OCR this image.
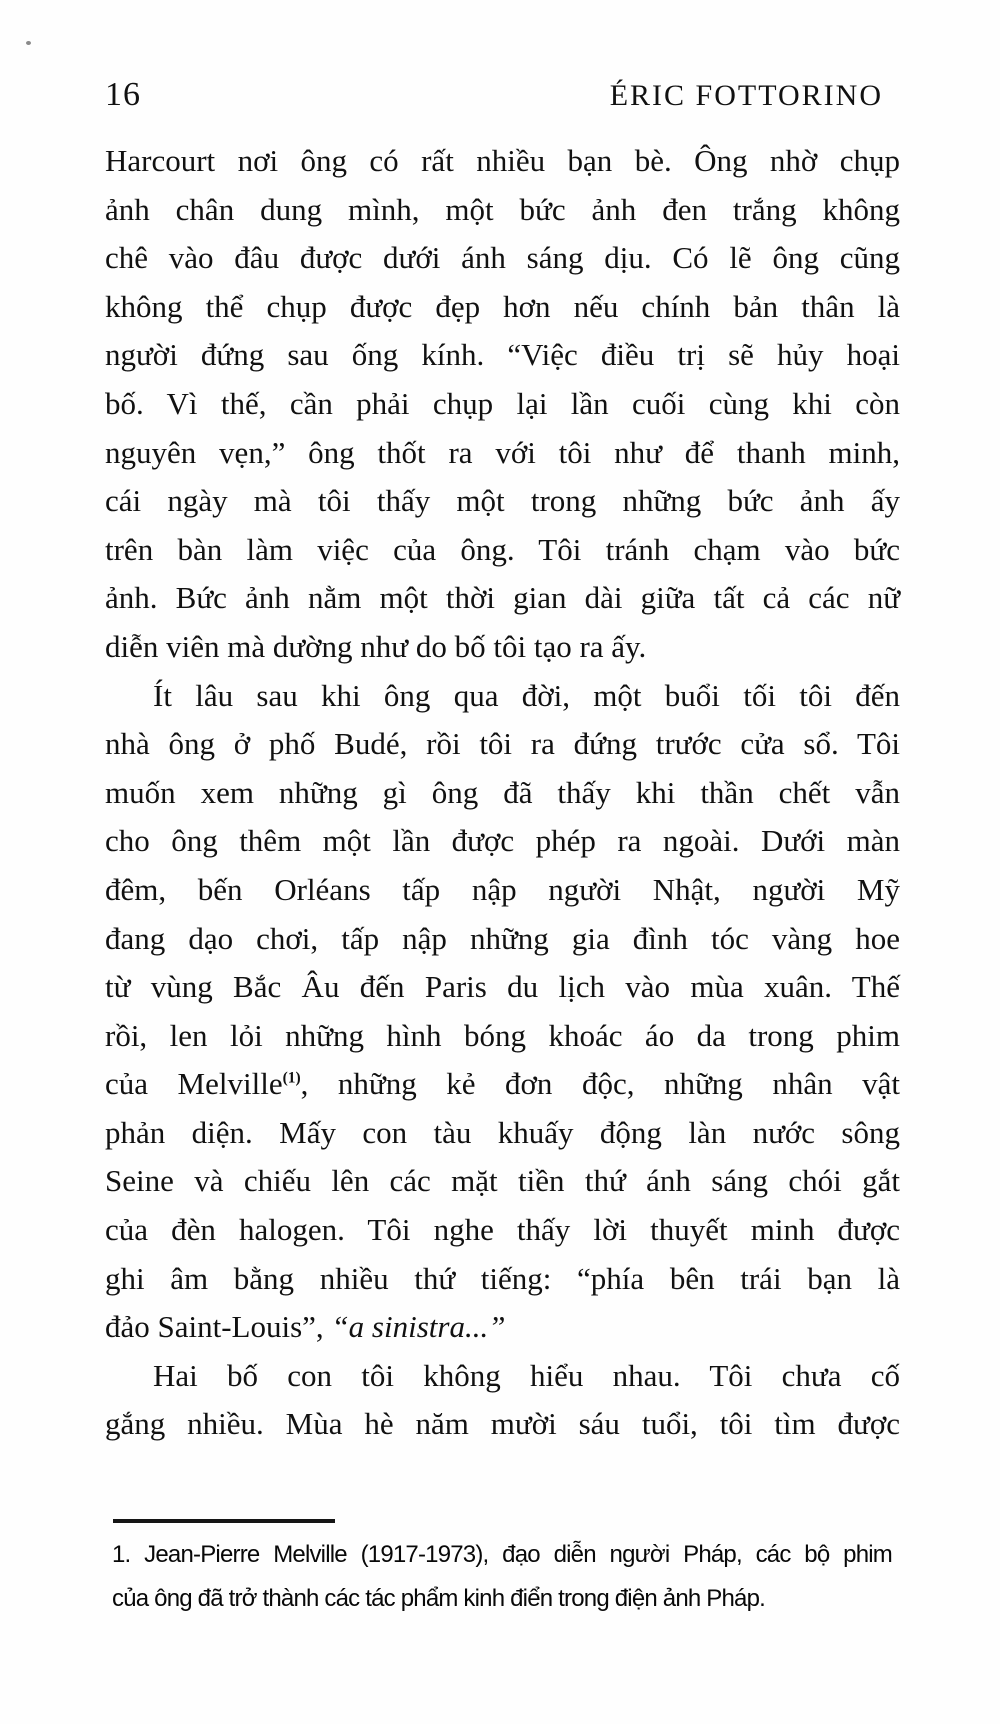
16	ÉRIC FOTTORINO
Harcourt nơi ông có rất nhiều bạn bè. Ông nhờ chụp
ảnh chân dung mình, một bức ảnh đen trắng không
chê vào đâu được dưới ánh sáng dịu. Có lẽ ông cũng
không thể chụp được đẹp hơn nếu chính bản thân là
người đứng sau ống kính. “Việc điều trị sẽ hủy hoại
bố. Vì thế, cần phải chụp lại lần cuối cùng khi còn
nguyên vẹn,” ông thốt ra với tôi như để thanh minh,
cái ngày mà tôi thấy một trong những bức ảnh ấy
trên bàn làm việc của ông. Tôi tránh chạm vào bức
ảnh. Bức ảnh nằm một thời gian dài giữa tất cả các nữ
diễn viên mà dường như do bố tôi tạo ra ấy.
Ít lâu sau khi ông qua đời, một buổi tối tôi đến
nhà ông ở phố Budé, rồi tôi ra đứng trước cửa sổ. Tôi
muốn xem những gì ông đã thấy khi thần chết vẫn
cho ông thêm một lần được phép ra ngoài. Dưới màn
đêm, bến Orléans tấp nập người Nhật, người Mỹ
đang dạo chơi, tấp nập những gia đình tóc vàng hoe
từ vùng Bắc Âu đến Paris du lịch vào mùa xuân. Thế
rồi, len lỏi những hình bóng khoác áo da trong phim
của Melville$^{(1)}$, những kẻ đơn độc, những nhân vật
phản diện. Mấy con tàu khuấy động làn nước sông
Seine và chiếu lên các mặt tiền thứ ánh sáng chói gắt
của đèn halogen. Tôi nghe thấy lời thuyết minh được
ghi âm bằng nhiều thứ tiếng: “phía bên trái bạn là
đảo Saint-Louis”, “a sinistra...”
Hai bố con tôi không hiểu nhau. Tôi chưa cố
gắng nhiều. Mùa hè năm mười sáu tuổi, tôi tìm được
1. Jean-Pierre Melville (1917-1973), đạo diễn người Pháp, các bộ phim
của ông đã trở thành các tác phẩm kinh điển trong điện ảnh Pháp.
